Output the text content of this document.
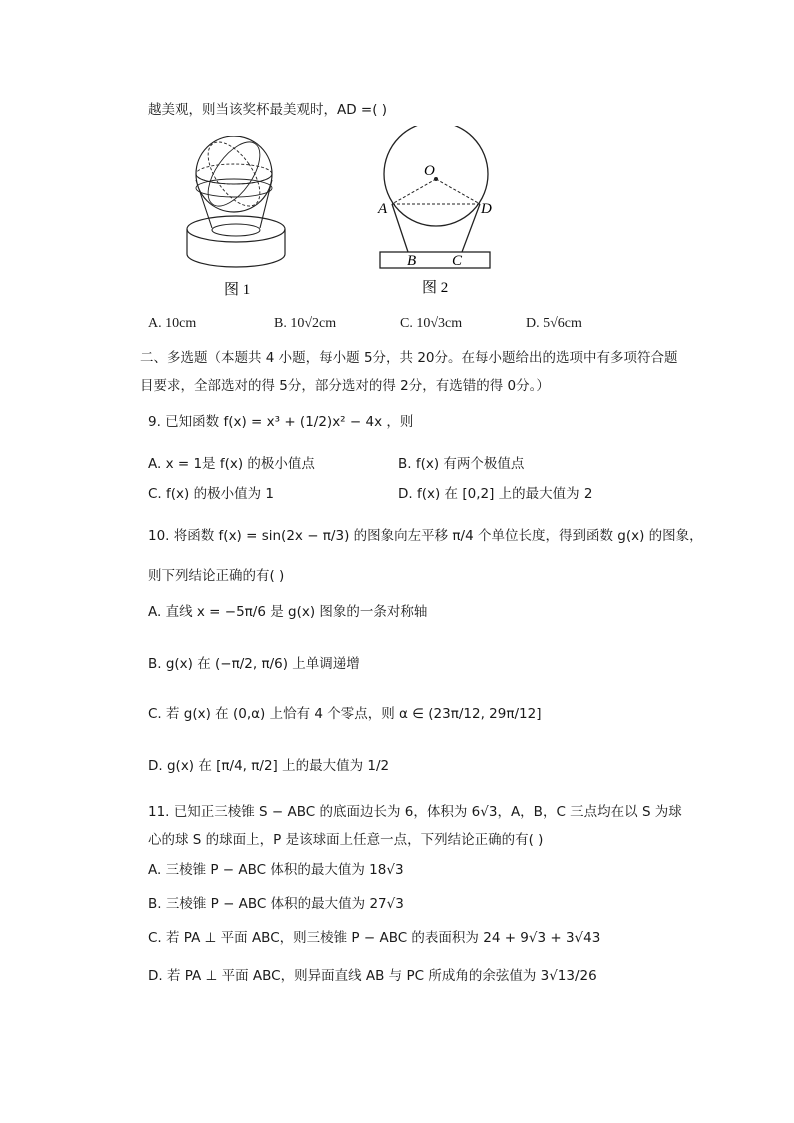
越美观，则当该奖杯最美观时，AD =( )
图 1
O
A	D
B C
图 2
A. 10cm	B. 10√2cm	C. 10√3cm	D. 5√6cm
二、多选题（本题共 4 小题，每小题 5分，共 20分。在每小题给出的选项中有多项符合题
目要求，全部选对的得 5分，部分选对的得 2分，有选错的得 0分。）
9. 已知函数 f(x) = x³ + (1/2)x² − 4x ，则
A. x = 1是 f(x) 的极小值点	B. f(x) 有两个极值点
C. f(x) 的极小值为 1	D. f(x) 在 [0,2] 上的最大值为 2
10. 将函数 f(x) = sin(2x − π/3) 的图象向左平移 π/4 个单位长度，得到函数 g(x) 的图象，
则下列结论正确的有( )
A. 直线 x = −5π/6 是 g(x) 图象的一条对称轴
B. g(x) 在 (−π/2, π/6) 上单调递增
C. 若 g(x) 在 (0,α) 上恰有 4 个零点，则 α ∈ (23π/12, 29π/12]
D. g(x) 在 [π/4, π/2] 上的最大值为 1/2
11. 已知正三棱锥 S − ABC 的底面边长为 6，体积为 6√3，A，B，C 三点均在以 S 为球
心的球 S 的球面上，P 是该球面上任意一点，下列结论正确的有( )
A. 三棱锥 P − ABC 体积的最大值为 18√3
B. 三棱锥 P − ABC 体积的最大值为 27√3
C. 若 PA ⊥ 平面 ABC，则三棱锥 P − ABC 的表面积为 24 + 9√3 + 3√43
D. 若 PA ⊥ 平面 ABC，则异面直线 AB 与 PC 所成角的余弦值为 3√13/26
